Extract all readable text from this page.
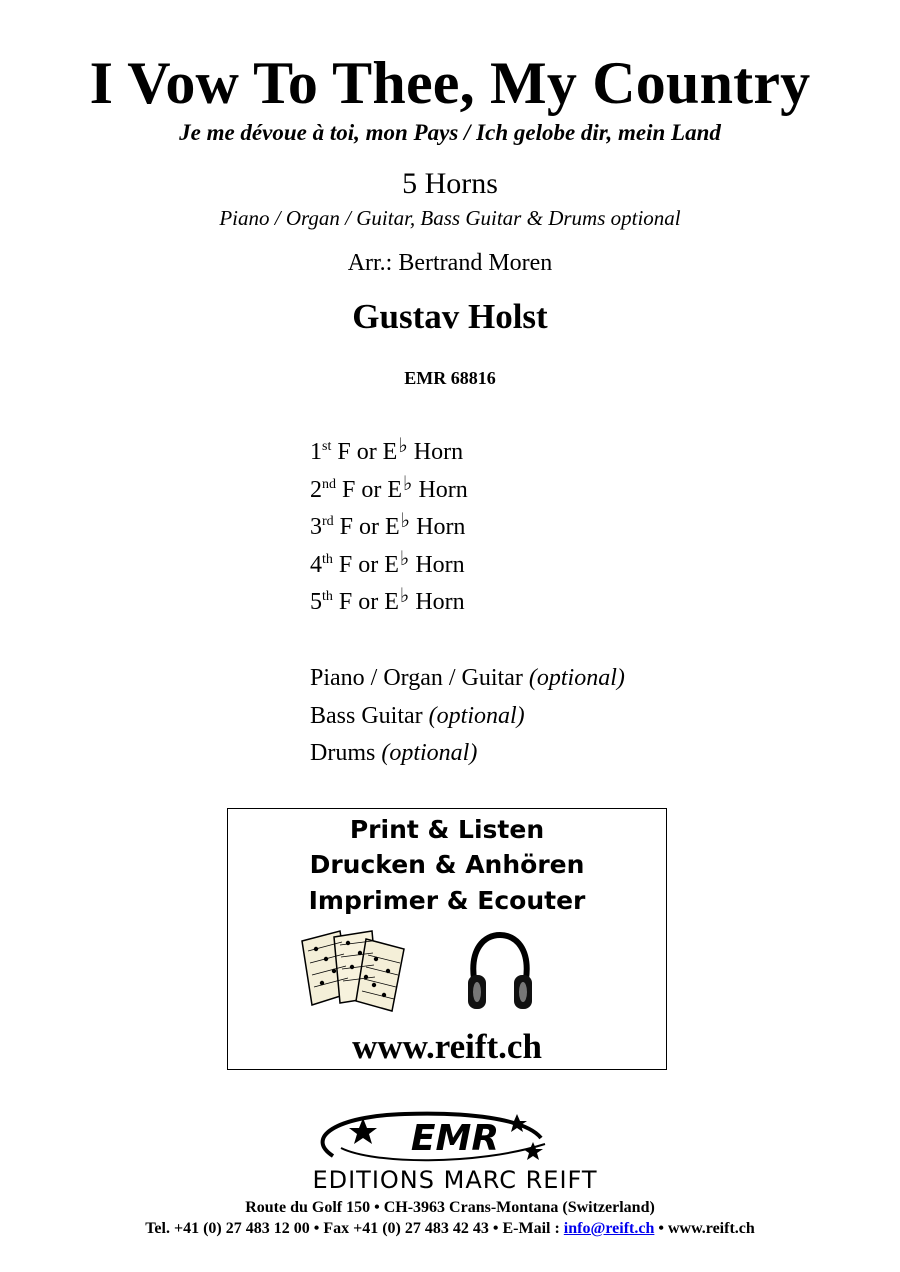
I Vow To Thee, My Country
Je me dévoue à toi, mon Pays / Ich gelobe dir, mein Land
5 Horns
Piano / Organ / Guitar, Bass Guitar & Drums optional
Arr.: Bertrand Moren
Gustav Holst
EMR 68816
1st F or E♭ Horn
2nd F or E♭ Horn
3rd F or E♭ Horn
4th F or E♭ Horn
5th F or E♭ Horn
Piano / Organ / Guitar (optional)
Bass Guitar (optional)
Drums (optional)
Print & Listen
Drucken & Anhören
Imprimer & Ecouter
www.reift.ch
EMR
EDITIONS MARC REIFT
Route du Golf 150 • CH-3963 Crans-Montana (Switzerland)
Tel. +41 (0) 27 483 12 00 • Fax +41 (0) 27 483 42 43 • E-Mail : info@reift.ch • www.reift.ch
